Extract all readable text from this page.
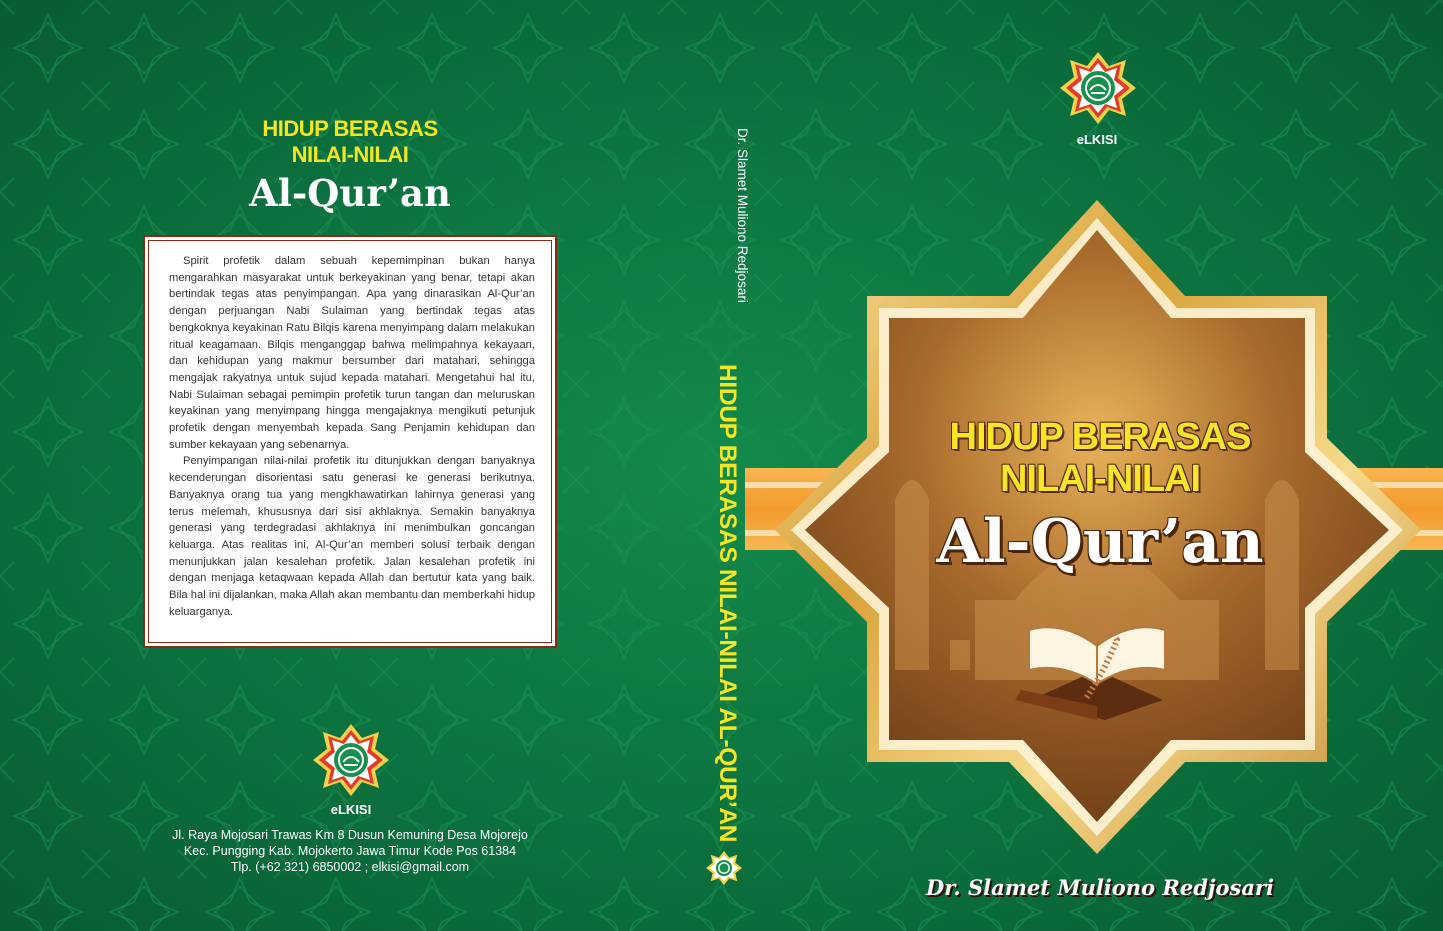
HIDUP BERASAS
NILAI-NILAI
Al-Qur’an

Spirit profetik dalam sebuah kepemimpinan bukan hanya mengarahkan masyarakat untuk berkeyakinan yang benar, tetapi akan bertindak tegas atas penyimpangan. Apa yang dinarasikan Al-Qur’an dengan perjuangan Nabi Sulaiman yang bertindak tegas atas bengkoknya keyakinan Ratu Bilqis karena menyimpang dalam melakukan ritual keagamaan. Bilqis menganggap bahwa melimpahnya kekayaan, dan kehidupan yang makmur bersumber dari matahari, sehingga mengajak rakyatnya untuk sujud kepada matahari. Mengetahui hal itu, Nabi Sulaiman sebagai pemimpin profetik turun tangan dan meluruskan keyakinan yang menyimpang hingga mengajaknya mengikuti petunjuk profetik dengan menyembah kepada Sang Penjamin kehidupan dan sumber kekayaan yang sebenarnya.

Penyimpangan nilai-nilai profetik itu ditunjukkan dengan banyaknya kecenderungan disorientasi satu generasi ke generasi berikutnya. Banyaknya orang tua yang mengkhawatirkan lahirnya generasi yang terus melemah, khususnya dari sisi akhlaknya. Semakin banyaknya generasi yang terdegradasi akhlaknya ini menimbulkan goncangan keluarga. Atas realitas ini, Al-Qur’an memberi solusi terbaik dengan menunjukkan jalan kesalehan profetik. Jalan kesalehan profetik ini dengan menjaga ketaqwaan kepada Allah dan bertutur kata yang baik. Bila hal ini dijalankan, maka Allah akan membantu dan memberkahi hidup keluarganya.

eLKISI
Jl. Raya Mojosari Trawas Km 8 Dusun Kemuning Desa Mojorejo
Kec. Pungging Kab. Mojokerto Jawa Timur Kode Pos 61384
Tlp. (+62 321) 6850002 ; elkisi@gmail.com
Dr. Slamet Muliono Redjosari
HIDUP BERASAS NILAI-NILAI AL-QUR’AN
eLKISI
HIDUP BERASAS
NILAI-NILAI
Al-Qur’an
Dr. Slamet Muliono Redjosari
